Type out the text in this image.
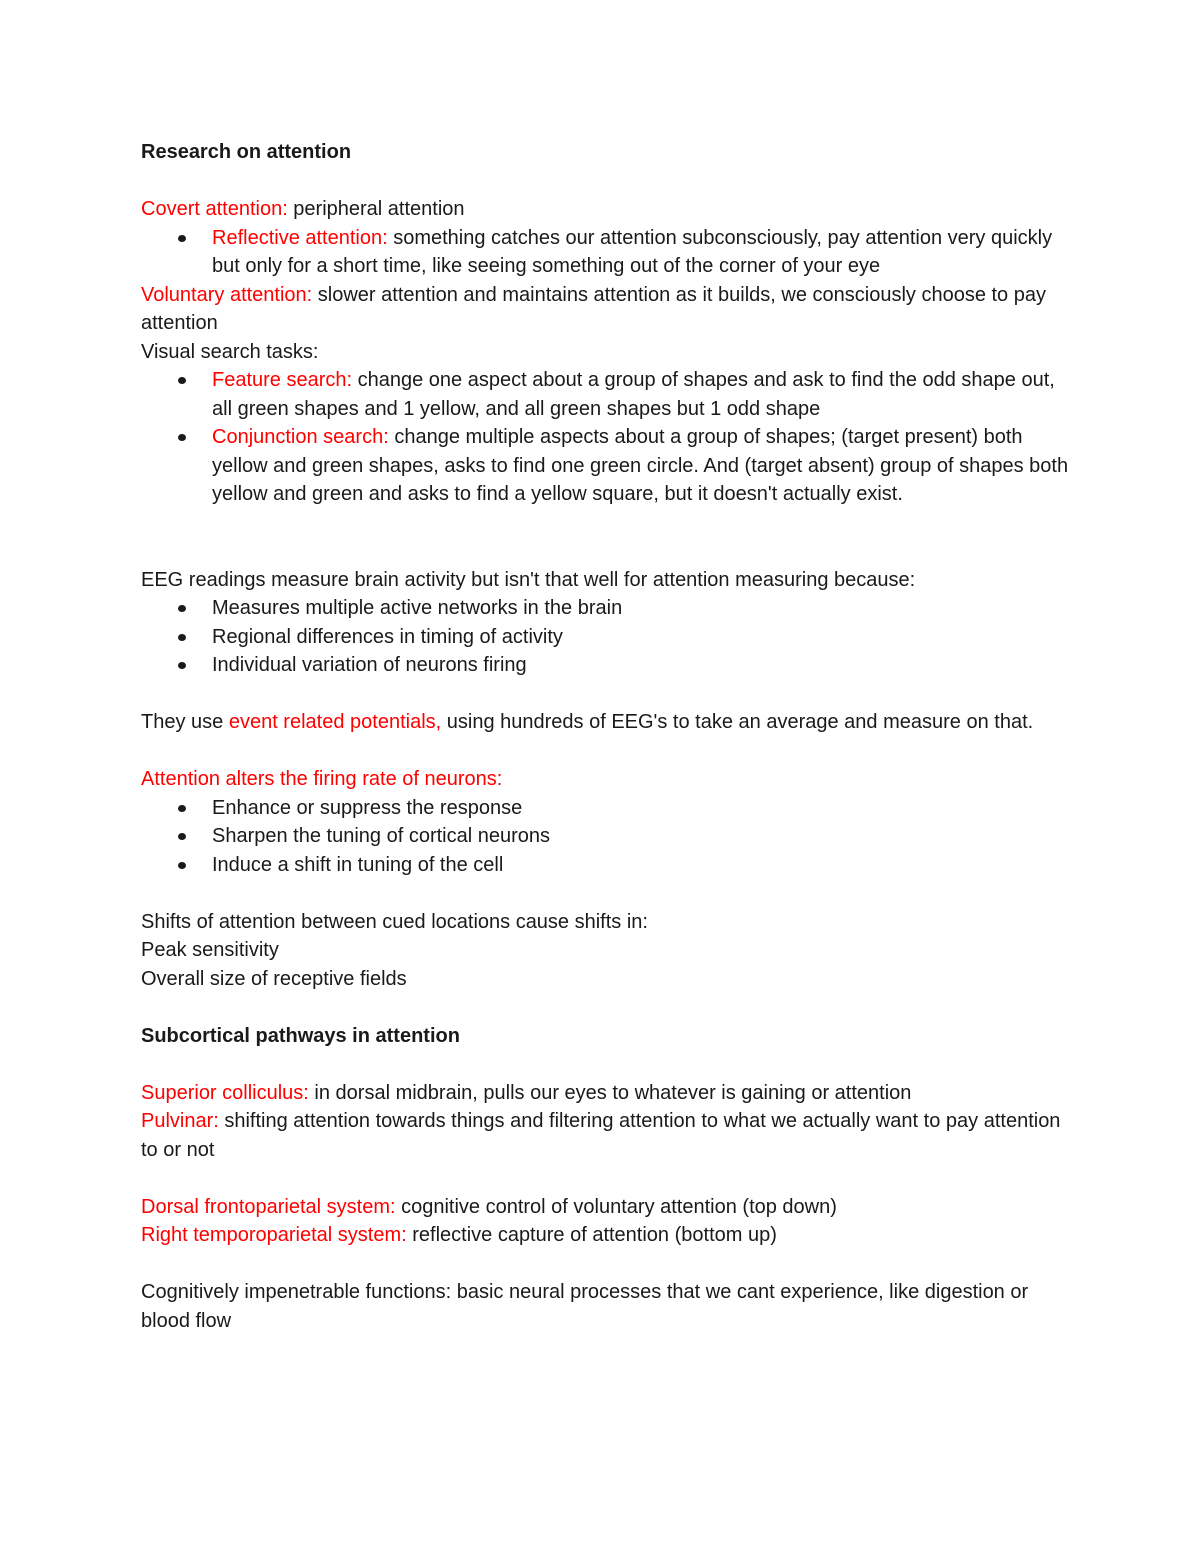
Research on attention

Covert attention: peripheral attention

Reflective attention: something catches our attention subconsciously, pay attention very quickly but only for a short time, like seeing something out of the corner of your eye

Voluntary attention: slower attention and maintains attention as it builds, we consciously choose to pay attention

Visual search tasks:

Feature search: change one aspect about a group of shapes and ask to find the odd shape out, all green shapes and 1 yellow, and all green shapes but 1 odd shape
Conjunction search: change multiple aspects about a group of shapes; (target present) both yellow and green shapes, asks to find one green circle. And (target absent) group of shapes both yellow and green and asks to find a yellow square, but it doesn't actually exist.

EEG readings measure brain activity but isn't that well for attention measuring because:

Measures multiple active networks in the brain
Regional differences in timing of activity
Individual variation of neurons firing

They use event related potentials, using hundreds of EEG's to take an average and measure on that.

Attention alters the firing rate of neurons:

Enhance or suppress the response
Sharpen the tuning of cortical neurons
Induce a shift in tuning of the cell

Shifts of attention between cued locations cause shifts in:

Peak sensitivity

Overall size of receptive fields

Subcortical pathways in attention

Superior colliculus: in dorsal midbrain, pulls our eyes to whatever is gaining or attention

Pulvinar: shifting attention towards things and filtering attention to what we actually want to pay attention to or not

Dorsal frontoparietal system: cognitive control of voluntary attention (top down)

Right temporoparietal system: reflective capture of attention (bottom up)

Cognitively impenetrable functions: basic neural processes that we cant experience, like digestion or blood flow
